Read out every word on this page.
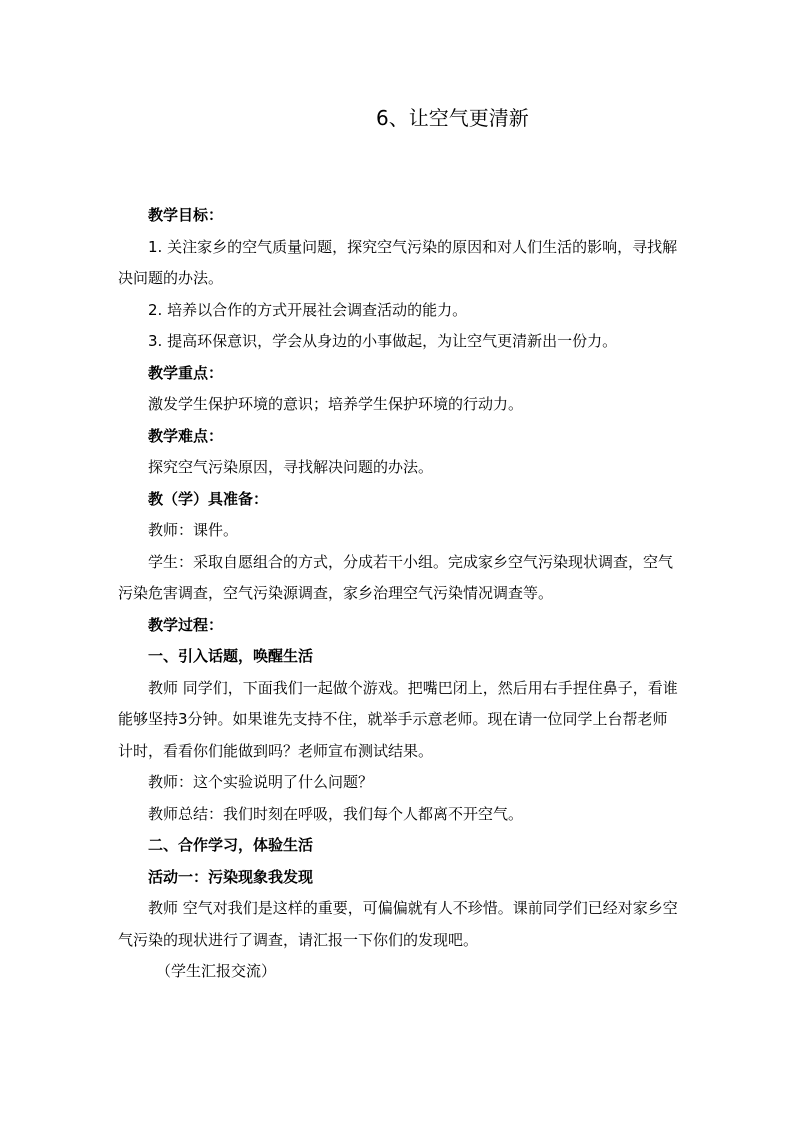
6、让空气更清新

教学目标：

1. 关注家乡的空气质量问题，探究空气污染的原因和对人们生活的影响，寻找解决问题的办法。

2. 培养以合作的方式开展社会调查活动的能力。

3. 提高环保意识，学会从身边的小事做起，为让空气更清新出一份力。

教学重点：

激发学生保护环境的意识；培养学生保护环境的行动力。

教学难点：

探究空气污染原因，寻找解决问题的办法。

教（学）具准备：

教师：课件。

学生：采取自愿组合的方式，分成若干小组。完成家乡空气污染现状调查，空气污染危害调查，空气污染源调查，家乡治理空气污染情况调查等。

教学过程：

一、引入话题，唤醒生活

教师 同学们，下面我们一起做个游戏。把嘴巴闭上，然后用右手捏住鼻子，看谁能够坚持3分钟。如果谁先支持不住，就举手示意老师。现在请一位同学上台帮老师计时，看看你们能做到吗？老师宣布测试结果。

教师：这个实验说明了什么问题？

教师总结：我们时刻在呼吸，我们每个人都离不开空气。

二、合作学习，体验生活

活动一：污染现象我发现

教师 空气对我们是这样的重要，可偏偏就有人不珍惜。课前同学们已经对家乡空气污染的现状进行了调查，请汇报一下你们的发现吧。

（学生汇报交流）
